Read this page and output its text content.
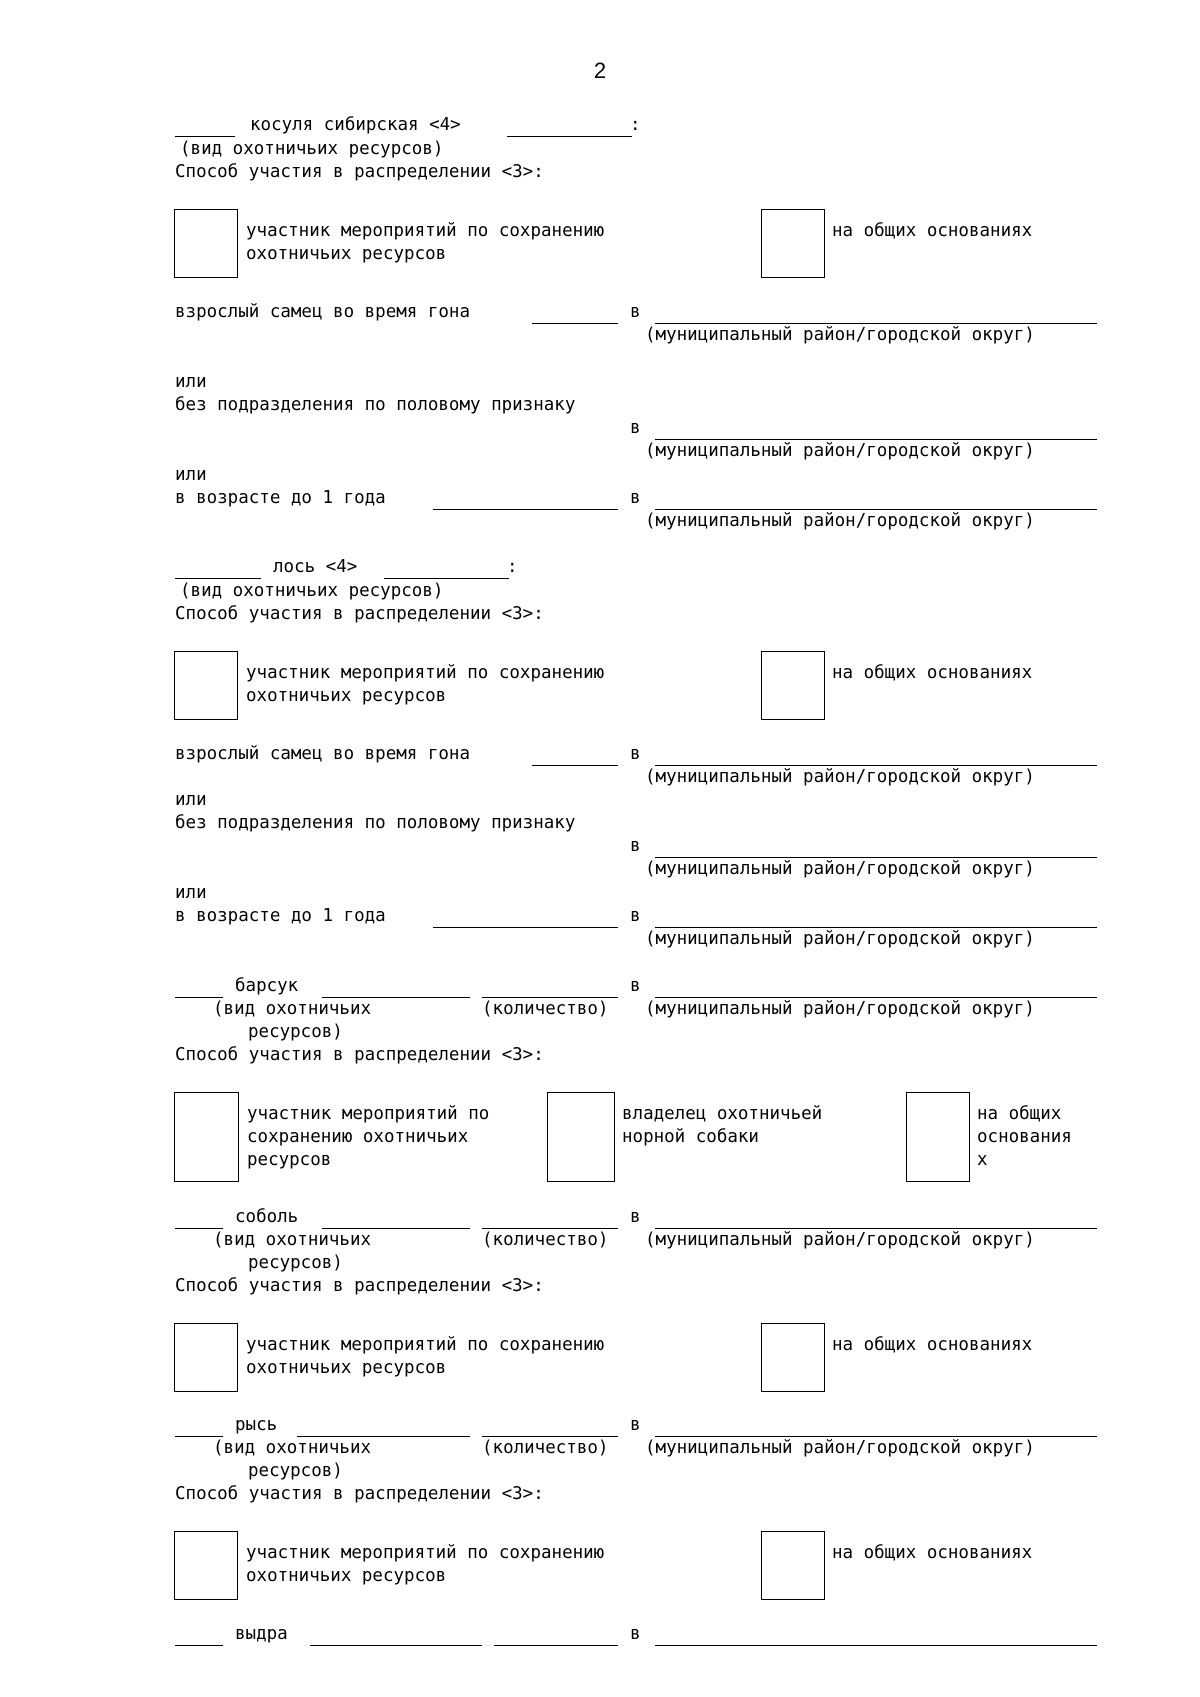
2
косуля сибирская <4>	:
(вид охотничьих ресурсов)
Способ участия в распределении <3>:
участник мероприятий по сохранению
охотничьих ресурсов
на общих основаниях
взрослый самец во время гона	в
(муниципальный район/городской округ)
или
без подразделения по половому признаку
в
(муниципальный район/городской округ)
или
в возрасте до 1 года	в
(муниципальный район/городской округ)
лось <4>	:
(вид охотничьих ресурсов)
Способ участия в распределении <3>:
участник мероприятий по сохранению
охотничьих ресурсов
на общих основаниях
взрослый самец во время гона	в
(муниципальный район/городской округ)
или
без подразделения по половому признаку
в
(муниципальный район/городской округ)
или
в возрасте до 1 года	в
(муниципальный район/городской округ)
барсук	в
(вид охотничьих	(количество) (муниципальный район/городской округ)
ресурсов)
Способ участия в распределении <3>:
участник мероприятий по
сохранению охотничьих
ресурсов
владелец охотничьей
норной собаки
на общих
основания
х
соболь	в
(вид охотничьих	(количество) (муниципальный район/городской округ)
ресурсов)
Способ участия в распределении <3>:
участник мероприятий по сохранению
охотничьих ресурсов
на общих основаниях
рысь	в
(вид охотничьих	(количество) (муниципальный район/городской округ)
ресурсов)
Способ участия в распределении <3>:
участник мероприятий по сохранению
охотничьих ресурсов
на общих основаниях
выдра	в
